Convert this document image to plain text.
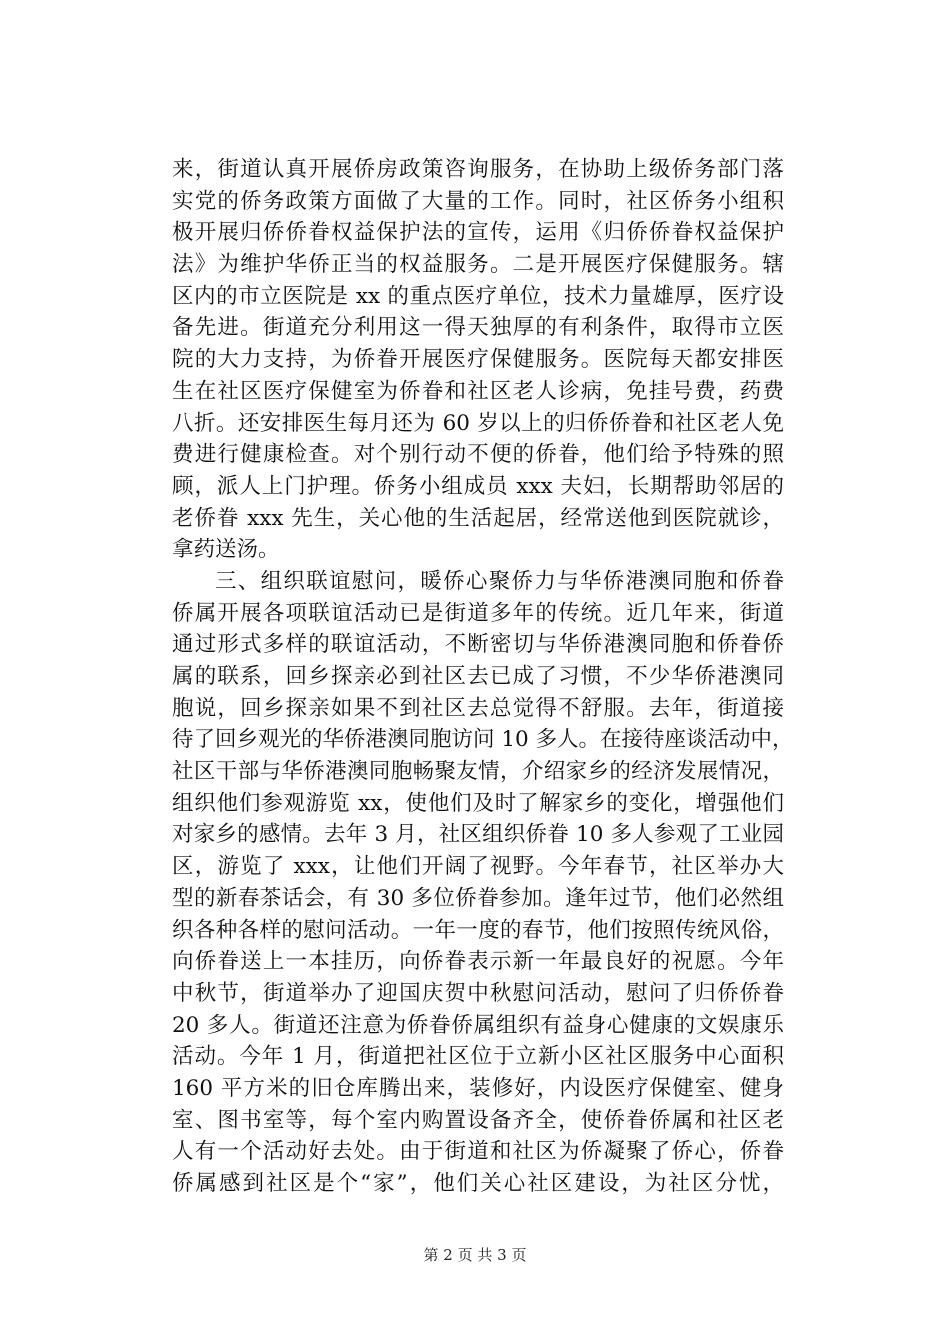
来，街道认真开展侨房政策咨询服务，在协助上级侨务部门落
实党的侨务政策方面做了大量的工作。同时，社区侨务小组积
极开展归侨侨眷权益保护法的宣传，运用《归侨侨眷权益保护
法》为维护华侨正当的权益服务。二是开展医疗保健服务。辖
区内的市立医院是 xx 的重点医疗单位，技术力量雄厚，医疗设
备先进。街道充分利用这一得天独厚的有利条件，取得市立医
院的大力支持，为侨眷开展医疗保健服务。医院每天都安排医
生在社区医疗保健室为侨眷和社区老人诊病，免挂号费，药费
八折。还安排医生每月还为 60 岁以上的归侨侨眷和社区老人免
费进行健康检查。对个别行动不便的侨眷，他们给予特殊的照
顾，派人上门护理。侨务小组成员 xxx 夫妇，长期帮助邻居的
老侨眷 xxx 先生，关心他的生活起居，经常送他到医院就诊，
拿药送汤。
三、组织联谊慰问，暖侨心聚侨力与华侨港澳同胞和侨眷
侨属开展各项联谊活动已是街道多年的传统。近几年来，街道
通过形式多样的联谊活动，不断密切与华侨港澳同胞和侨眷侨
属的联系，回乡探亲必到社区去已成了习惯，不少华侨港澳同
胞说，回乡探亲如果不到社区去总觉得不舒服。去年，街道接
待了回乡观光的华侨港澳同胞访问 10 多人。在接待座谈活动中，
社区干部与华侨港澳同胞畅聚友情，介绍家乡的经济发展情况，
组织他们参观游览 xx，使他们及时了解家乡的变化，增强他们
对家乡的感情。去年 3 月，社区组织侨眷 10 多人参观了工业园
区，游览了 xxx，让他们开阔了视野。今年春节，社区举办大
型的新春茶话会，有 30 多位侨眷参加。逢年过节，他们必然组
织各种各样的慰问活动。一年一度的春节，他们按照传统风俗，
向侨眷送上一本挂历，向侨眷表示新一年最良好的祝愿。今年
中秋节，街道举办了迎国庆贺中秋慰问活动，慰问了归侨侨眷
20 多人。街道还注意为侨眷侨属组织有益身心健康的文娱康乐
活动。今年 1 月，街道把社区位于立新小区社区服务中心面积
160 平方米的旧仓库腾出来，装修好，内设医疗保健室、健身
室、图书室等，每个室内购置设备齐全，使侨眷侨属和社区老
人有一个活动好去处。由于街道和社区为侨凝聚了侨心，侨眷
侨属感到社区是个“家”，他们关心社区建设，为社区分忧，
第 2 页 共 3 页
